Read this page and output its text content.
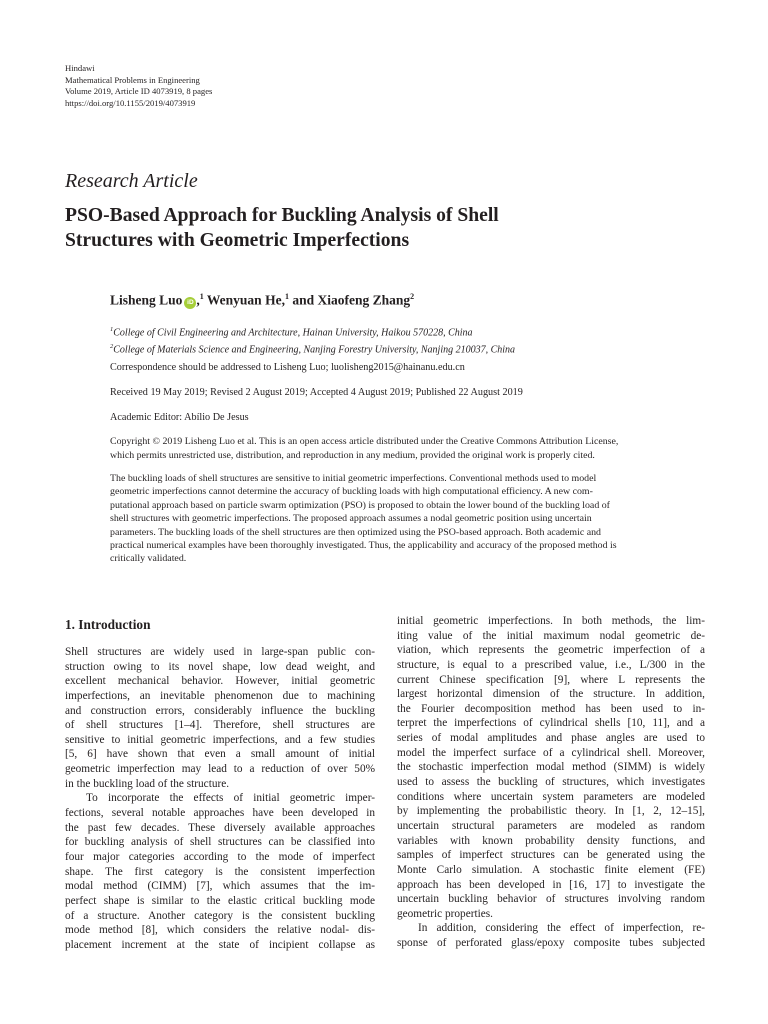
Hindawi
Mathematical Problems in Engineering
Volume 2019, Article ID 4073919, 8 pages
https://doi.org/10.1155/2019/4073919
Research Article
PSO-Based Approach for Buckling Analysis of Shell
Structures with Geometric Imperfections
Lisheng Luo iD ,$^1$ Wenyuan He,$^1$ and Xiaofeng Zhang$^2$
$^1$College of Civil Engineering and Architecture, Hainan University, Haikou 570228, China
$^2$College of Materials Science and Engineering, Nanjing Forestry University, Nanjing 210037, China
Correspondence should be addressed to Lisheng Luo; luolisheng2015@hainanu.edu.cn
Received 19 May 2019; Revised 2 August 2019; Accepted 4 August 2019; Published 22 August 2019
Academic Editor: Abílio De Jesus
Copyright © 2019 Lisheng Luo et al. This is an open access article distributed under the Creative Commons Attribution License,
which permits unrestricted use, distribution, and reproduction in any medium, provided the original work is properly cited.
The buckling loads of shell structures are sensitive to initial geometric imperfections. Conventional methods used to model
geometric imperfections cannot determine the accuracy of buckling loads with high computational efficiency. A new com-
putational approach based on particle swarm optimization (PSO) is proposed to obtain the lower bound of the buckling load of
shell structures with geometric imperfections. The proposed approach assumes a nodal geometric position using uncertain
parameters. The buckling loads of the shell structures are then optimized using the PSO-based approach. Both academic and
practical numerical examples have been thoroughly investigated. Thus, the applicability and accuracy of the proposed method is
critically validated.
1. Introduction
Shell structures are widely used in large-span public con-
struction owing to its novel shape, low dead weight, and
excellent mechanical behavior. However, initial geometric
imperfections, an inevitable phenomenon due to machining
and construction errors, considerably influence the buckling
of shell structures [1–4]. Therefore, shell structures are
sensitive to initial geometric imperfections, and a few studies
[5, 6] have shown that even a small amount of initial
geometric imperfection may lead to a reduction of over 50%
in the buckling load of the structure.
To incorporate the effects of initial geometric imper-
fections, several notable approaches have been developed in
the past few decades. These diversely available approaches
for buckling analysis of shell structures can be classified into
four major categories according to the mode of imperfect
shape. The first category is the consistent imperfection
modal method (CIMM) [7], which assumes that the im-
perfect shape is similar to the elastic critical buckling mode
of a structure. Another category is the consistent buckling
mode method [8], which considers the relative nodal- dis-
placement increment at the state of incipient collapse as
initial geometric imperfections. In both methods, the lim-
iting value of the initial maximum nodal geometric de-
viation, which represents the geometric imperfection of a
structure, is equal to a prescribed value, i.e., L/300 in the
current Chinese specification [9], where L represents the
largest horizontal dimension of the structure. In addition,
the Fourier decomposition method has been used to in-
terpret the imperfections of cylindrical shells [10, 11], and a
series of modal amplitudes and phase angles are used to
model the imperfect surface of a cylindrical shell. Moreover,
the stochastic imperfection modal method (SIMM) is widely
used to assess the buckling of structures, which investigates
conditions where uncertain system parameters are modeled
by implementing the probabilistic theory. In [1, 2, 12–15],
uncertain structural parameters are modeled as random
variables with known probability density functions, and
samples of imperfect structures can be generated using the
Monte Carlo simulation. A stochastic finite element (FE)
approach has been developed in [16, 17] to investigate the
uncertain buckling behavior of structures involving random
geometric properties.
In addition, considering the effect of imperfection, re-
sponse of perforated glass/epoxy composite tubes subjected
